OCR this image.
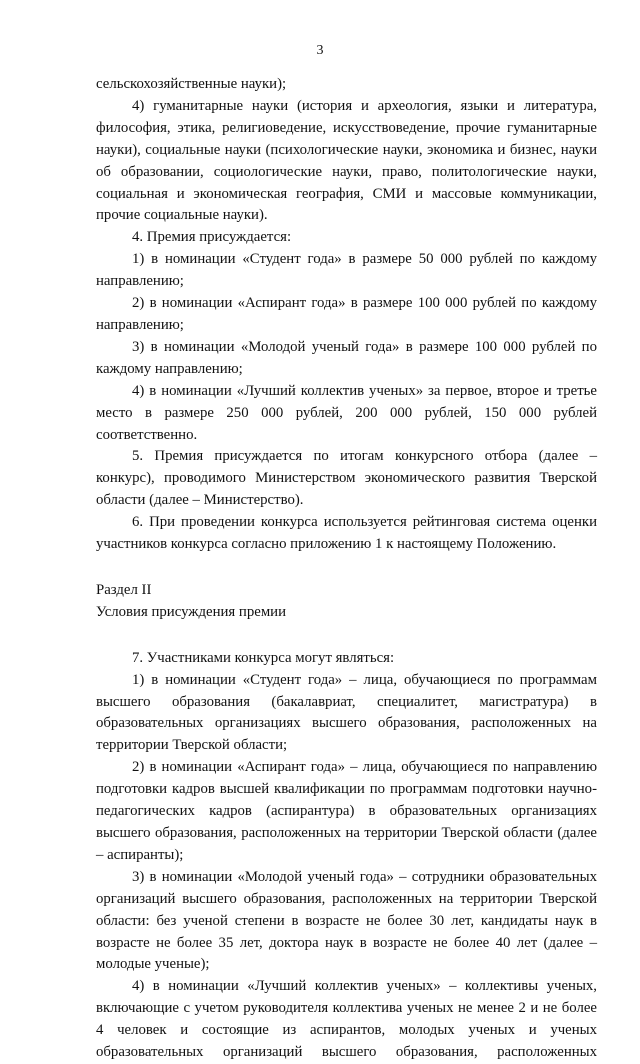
3

сельскохозяйственные науки);

4) гуманитарные науки (история и археология, языки и литература, философия, этика, религиоведение, искусствоведение, прочие гуманитарные науки), социальные науки (психологические науки, экономика и бизнес, науки об образовании, социологические науки, право, политологические науки, социальная и экономическая география, СМИ и массовые коммуникации, прочие социальные науки).

4. Премия присуждается:

1) в номинации «Студент года» в размере 50 000 рублей по каждому направлению;

2) в номинации «Аспирант года» в размере 100 000 рублей по каждому направлению;

3) в номинации «Молодой ученый года» в размере 100 000 рублей по каждому направлению;

4) в номинации «Лучший коллектив ученых» за первое, второе и третье место в размере 250 000 рублей, 200 000 рублей, 150 000 рублей соответственно.

5. Премия присуждается по итогам конкурсного отбора (далее – конкурс), проводимого Министерством экономического развития Тверской области (далее – Министерство).

6. При проведении конкурса используется рейтинговая система оценки участников конкурса согласно приложению 1 к настоящему Положению.

Раздел II

Условия присуждения премии

7. Участниками конкурса могут являться:

1) в номинации «Студент года» – лица, обучающиеся по программам высшего образования (бакалавриат, специалитет, магистратура) в образовательных организациях высшего образования, расположенных на территории Тверской области;

2) в номинации «Аспирант года» – лица, обучающиеся по направлению подготовки кадров высшей квалификации по программам подготовки научно-педагогических кадров (аспирантура) в образовательных организациях высшего образования, расположенных на территории Тверской области (далее – аспиранты);

3) в номинации «Молодой ученый года» – сотрудники образовательных организаций высшего образования, расположенных на территории Тверской области: без ученой степени в возрасте не более 30 лет, кандидаты наук в возрасте не более 35 лет, доктора наук в возрасте не более 40 лет (далее – молодые ученые);

4) в номинации «Лучший коллектив ученых» – коллективы ученых, включающие с учетом руководителя коллектива ученых не менее 2 и не более 4 человек и состоящие из аспирантов, молодых ученых и ученых образовательных организаций высшего образования, расположенных
